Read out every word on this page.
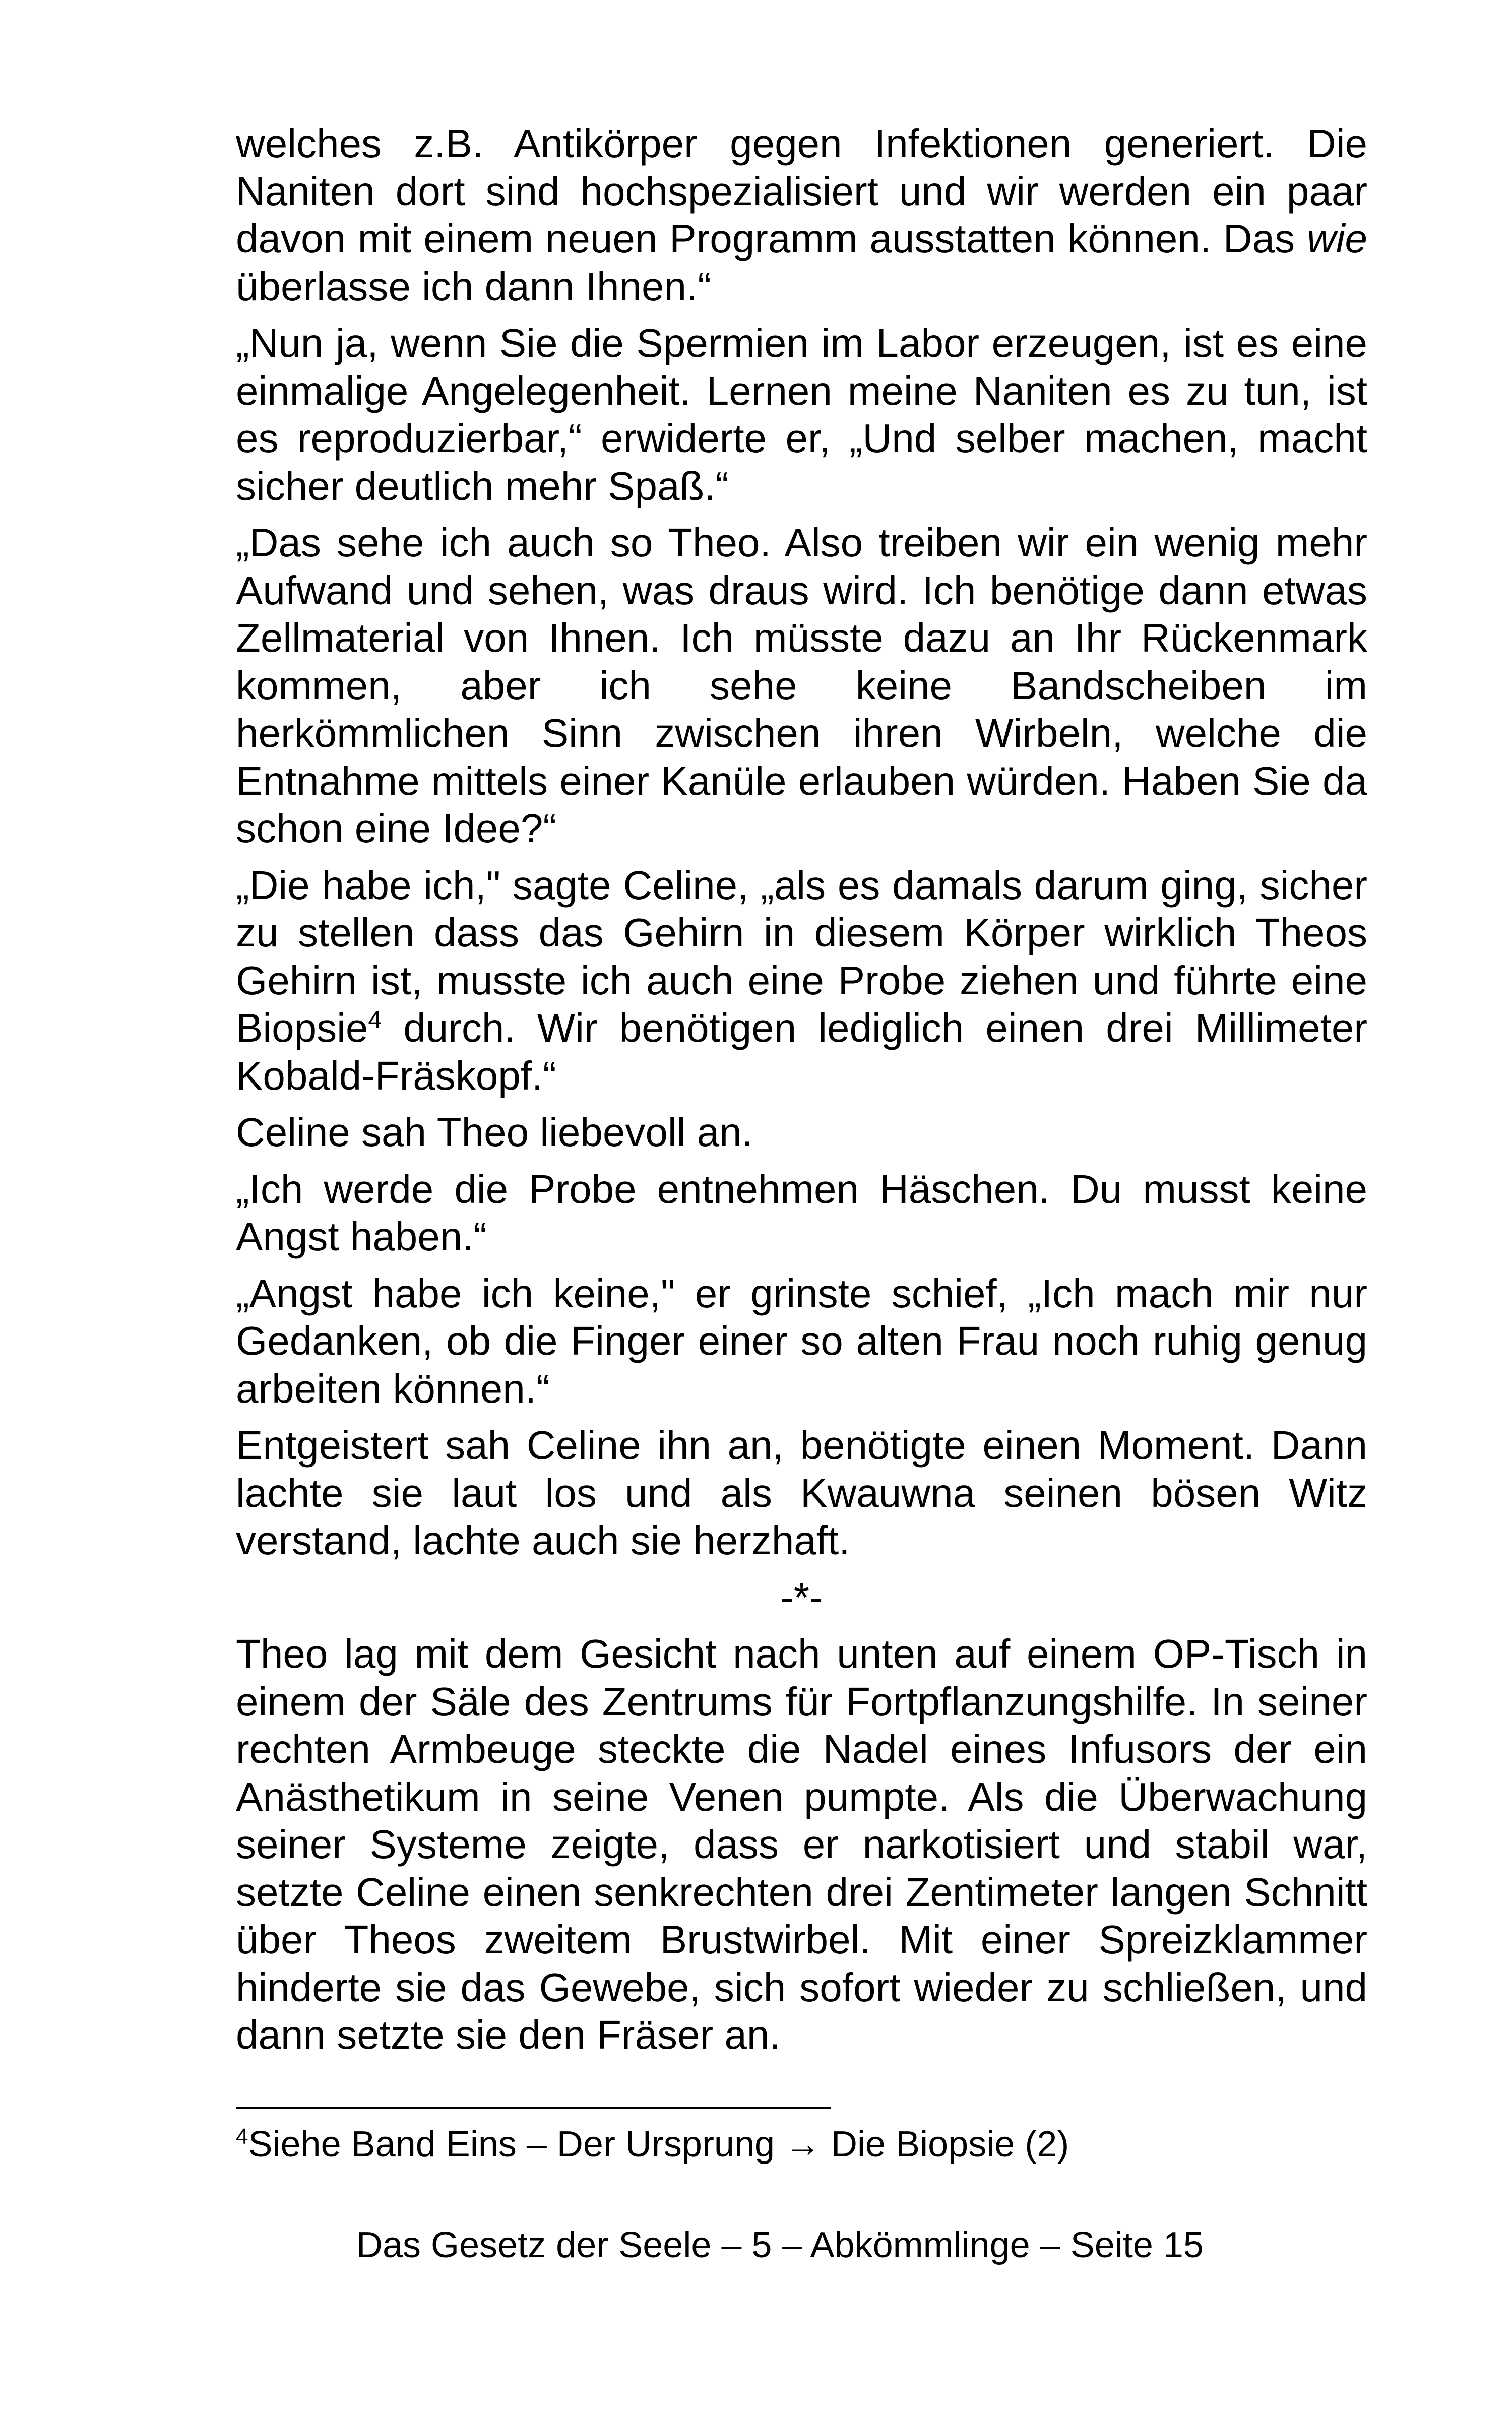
welches z.B. Antikörper gegen Infektionen generiert. Die Naniten dort sind hochspezialisiert und wir werden ein paar davon mit einem neuen Programm ausstatten können. Das wie überlasse ich dann Ihnen.“

„Nun ja, wenn Sie die Spermien im Labor erzeugen, ist es eine einmalige Angelegenheit. Lernen meine Naniten es zu tun, ist es reproduzierbar,“ erwiderte er, „Und selber machen, macht sicher deutlich mehr Spaß.“

„Das sehe ich auch so Theo. Also treiben wir ein wenig mehr Aufwand und sehen, was draus wird. Ich benötige dann etwas Zellmaterial von Ihnen. Ich müsste dazu an Ihr Rückenmark kommen, aber ich sehe keine Bandscheiben im herkömmlichen Sinn zwischen ihren Wirbeln, welche die Entnahme mittels einer Kanüle erlauben würden. Haben Sie da schon eine Idee?“

„Die habe ich," sagte Celine, „als es damals darum ging, sicher zu stellen dass das Gehirn in diesem Körper wirklich Theos Gehirn ist, musste ich auch eine Probe ziehen und führte eine Biopsie$^4$ durch. Wir benötigen lediglich einen drei Millimeter Kobald-Fräskopf.“

Celine sah Theo liebevoll an.

„Ich werde die Probe entnehmen Häschen. Du musst keine Angst haben.“

„Angst habe ich keine," er grinste schief, „Ich mach mir nur Gedanken, ob die Finger einer so alten Frau noch ruhig genug arbeiten können.“

Entgeistert sah Celine ihn an, benötigte einen Moment. Dann lachte sie laut los und als Kwauwna seinen bösen Witz verstand, lachte auch sie herzhaft.

-*-

Theo lag mit dem Gesicht nach unten auf einem OP-Tisch in einem der Säle des Zentrums für Fortpflanzungshilfe. In seiner rechten Armbeuge steckte die Nadel eines Infusors der ein Anästhetikum in seine Venen pumpte. Als die Überwachung seiner Systeme zeigte, dass er narkotisiert und stabil war, setzte Celine einen senkrechten drei Zentimeter langen Schnitt über Theos zweitem Brustwirbel. Mit einer Spreizklammer hinderte sie das Gewebe, sich sofort wieder zu schließen, und dann setzte sie den Fräser an.

$^4$Siehe Band Eins – Der Ursprung → Die Biopsie (2)
Das Gesetz der Seele – 5 – Abkömmlinge – Seite 15
